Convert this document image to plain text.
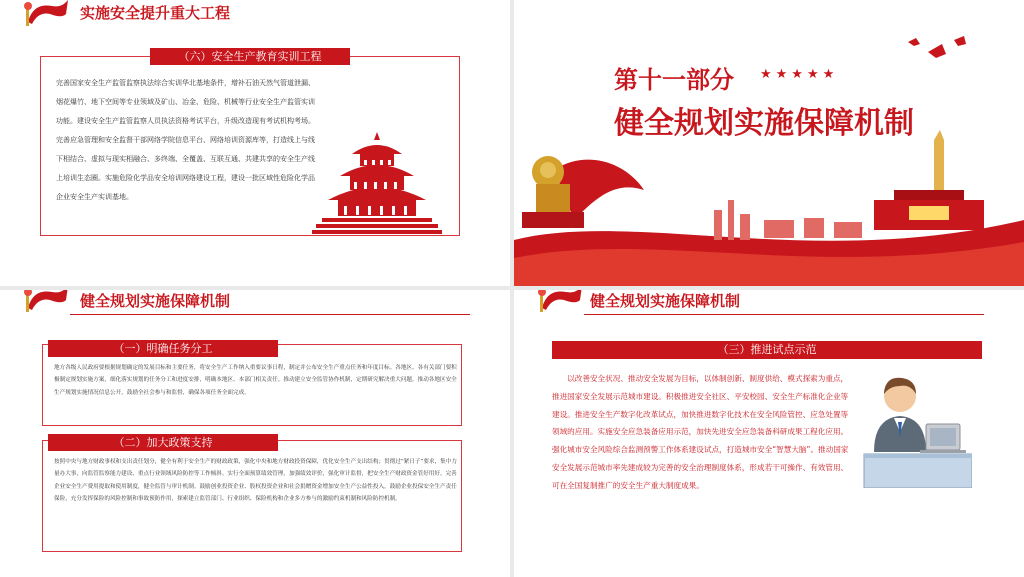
实施安全提升重大工程
（六）安全生产教育实训工程
完善国家安全生产监管监察执法综合实训华北基地条件，增补石油天然气管道泄漏、烟花爆竹、地下空间等专业领域及矿山、冶金、危险、机械等行业安全生产监管实训功能。建设安全生产监管监察人员执法资格考试平台，升级改造现有考试机构考场。完善应急管理和安全监督干部网络学院信息平台、网络培训资源库等，打造线上与线下相结合、虚拟与现实相融合、多终端、全覆盖、互联互通、共建共享的安全生产线上培训生态圈。实施危险化学品安全培训网络建设工程，建设一批区域性危险化学品企业安全生产实训基地。
第十一部分 ★★★★★
健全规划实施保障机制
健全规划实施保障机制
（一）明确任务分工
地方各级人民政府要根据规划确定的发展目标和主要任务，将安全生产工作纳入重要议事日程，制定并公布安全生产重点任务和年度目标。各地区、各有关部门要积极制定规划实施方案，细化落实规划的任务分工和进度安排，明确本地区、本部门相关责任。推动建立安全监管协作机制，定期研究解决重大问题。推动各地区安全生产规划实施情况信息公开，鼓励全社会参与和监督，确保各项任务全面完成。
（二）加大政策支持
按照中央与地方财政事权和支出责任划分，健全有利于安全生产的财政政策，强化中央和地方财政投资保障，优化安全生产支出结构；贯彻过“紧日子”要求，集中力量办大事，向监管监察能力建设、重点行业领域风险防控等工作倾斜。实行全面预算绩效管理，加强绩效评价，强化审计监督，把安全生产财政资金管好用好。完善企业安全生产费用提取和使用制度，健全监管与审计机制。鼓励创业投资企业、股权投资企业和社会捐赠资金增加安全生产公益性投入。鼓励企业投保安全生产责任保险，充分发挥保险的风险控制和事故预防作用，探索建立监管部门、行业组织、保险机构和企业多方参与的激励约束机制和风险防控机制。
健全规划实施保障机制
（三）推进试点示范
以改善安全状况、推动安全发展为目标，以体制创新、制度供给、模式探索为重点，推进国家安全发展示范城市建设。积极推进安全社区、平安校园、安全生产标准化企业等建设。推进安全生产数字化改革试点，加快推进数字化技术在安全风险管控、应急处置等领域的应用。实施安全应急装备应用示范，加快先进安全应急装备科研成果工程化应用。强化城市安全风险综合监测预警工作体系建设试点，打造城市安全“智慧大脑”。推动国家安全发展示范城市率先建成较为完善的安全治理制度体系，形成若干可操作、有效管用、可在全国复制推广的安全生产重大制度成果。
